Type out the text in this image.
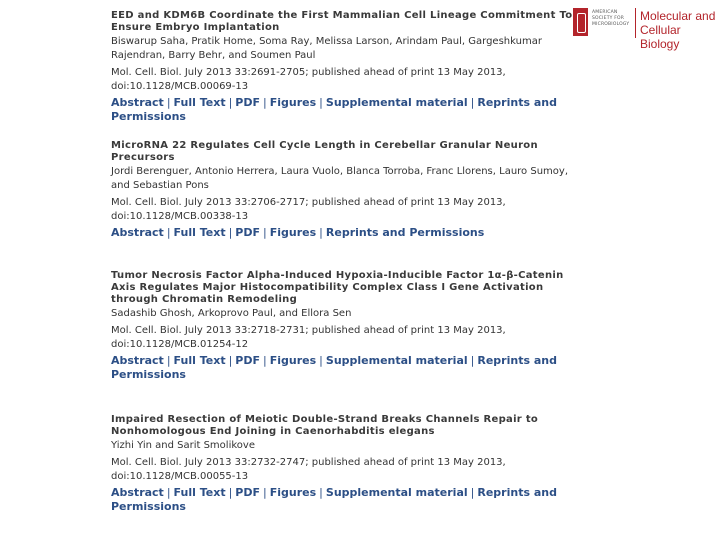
AMERICAN
SOCIETY FOR
MICROBIOLOGY
Molecular and
Cellular Biology
EED and KDM6B Coordinate the First Mammalian Cell Lineage Commitment To Ensure Embryo Implantation
Biswarup Saha, Pratik Home, Soma Ray, Melissa Larson, Arindam Paul, Gargeshkumar Rajendran, Barry Behr, and Soumen Paul
Mol. Cell. Biol. July 2013 33:2691-2705; published ahead of print 13 May 2013, doi:10.1128/MCB.00069-13
Abstract | Full Text | PDF | Figures | Supplemental material | Reprints and Permissions
MicroRNA 22 Regulates Cell Cycle Length in Cerebellar Granular Neuron Precursors
Jordi Berenguer, Antonio Herrera, Laura Vuolo, Blanca Torroba, Franc Llorens, Lauro Sumoy, and Sebastian Pons
Mol. Cell. Biol. July 2013 33:2706-2717; published ahead of print 13 May 2013, doi:10.1128/MCB.00338-13
Abstract | Full Text | PDF | Figures | Reprints and Permissions
Tumor Necrosis Factor Alpha-Induced Hypoxia-Inducible Factor 1α-β-Catenin Axis Regulates Major Histocompatibility Complex Class I Gene Activation through Chromatin Remodeling
Sadashib Ghosh, Arkoprovo Paul, and Ellora Sen
Mol. Cell. Biol. July 2013 33:2718-2731; published ahead of print 13 May 2013, doi:10.1128/MCB.01254-12
Abstract | Full Text | PDF | Figures | Supplemental material | Reprints and Permissions
Impaired Resection of Meiotic Double-Strand Breaks Channels Repair to Nonhomologous End Joining in Caenorhabditis elegans
Yizhi Yin and Sarit Smolikove
Mol. Cell. Biol. July 2013 33:2732-2747; published ahead of print 13 May 2013, doi:10.1128/MCB.00055-13
Abstract | Full Text | PDF | Figures | Supplemental material | Reprints and Permissions
